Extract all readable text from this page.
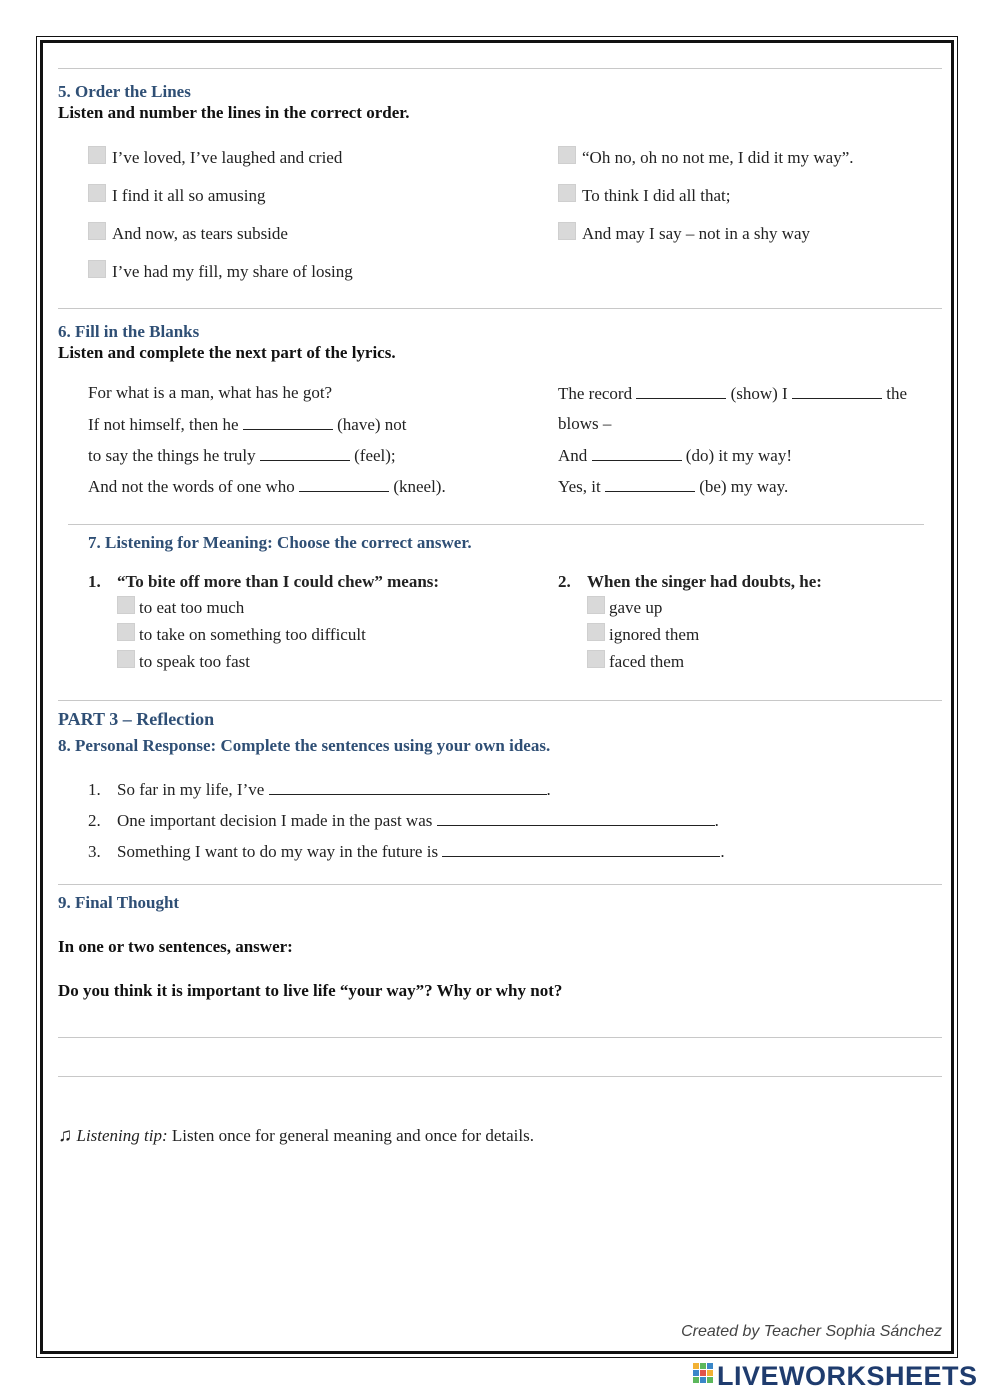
5. Order the Lines
Listen and number the lines in the correct order.
I’ve loved, I’ve laughed and cried
I find it all so amusing
And now, as tears subside
I’ve had my fill, my share of losing
“Oh no, oh no not me, I did it my way”.
To think I did all that;
And may I say – not in a shy way
6. Fill in the Blanks
Listen and complete the next part of the lyrics.
For what is a man, what has he got?
If not himself, then he	(have) not
to say the things he truly	(feel);
And not the words of one who	(kneel).
The record	(show) I	the
blows –
And	(do) it my way!
Yes, it	(be) my way.
7. Listening for Meaning: Choose the correct answer.
1. “To bite off more than I could chew” means:
to eat too much
to take on something too difficult
to speak too fast
2. When the singer had doubts, he:
gave up
ignored them
faced them
PART 3 – Reflection
8. Personal Response: Complete the sentences using your own ideas.
1. So far in my life, I’ve	.
2. One important decision I made in the past was	.
3. Something I want to do my way in the future is	.
9. Final Thought
In one or two sentences, answer:
Do you think it is important to live life “your way”? Why or why not?
♫ Listening tip: Listen once for general meaning and once for details.
Created by Teacher Sophia Sánchez
LIVEWORKSHEETS
